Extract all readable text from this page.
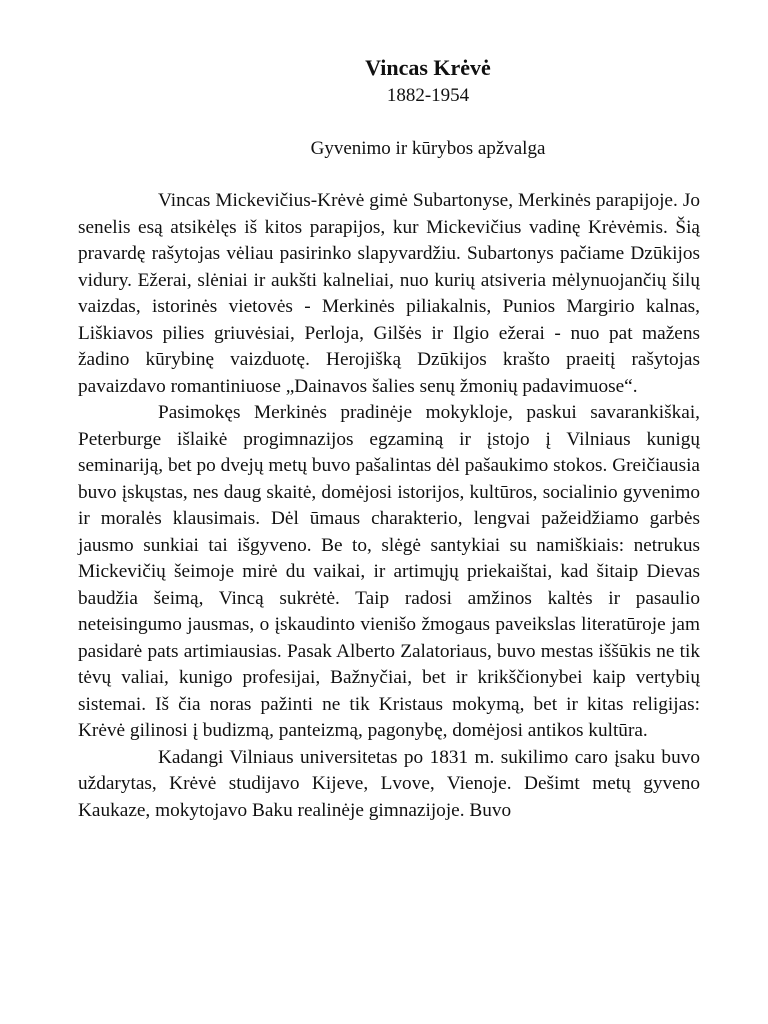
Vincas Krėvė

1882-1954

Gyvenimo ir kūrybos apžvalga

Vincas Mickevičius-Krėvė gimė Subartonyse, Merkinės parapijoje. Jo senelis esą atsikėlęs iš kitos parapijos, kur Mickevičius vadinę Krėvėmis. Šią pravardę rašytojas vėliau pasirinko slapyvardžiu. Subartonys pačiame Dzūkijos vidury. Ežerai, slėniai ir aukšti kalneliai, nuo kurių atsiveria mėlynuojančių šilų vaizdas, istorinės vietovės - Merkinės piliakalnis, Punios Margirio kalnas, Liškiavos pilies griuvėsiai, Perloja, Gilšės ir Ilgio ežerai - nuo pat mažens žadino kūrybinę vaizduotę. Herojišką Dzūkijos krašto praeitį rašytojas pavaizdavo romantiniuose „Dainavos šalies senų žmonių padavimuose“.

Pasimokęs Merkinės pradinėje mokykloje, paskui savarankiškai, Peterburge išlaikė progimnazijos egzaminą ir įstojo į Vilniaus kunigų seminariją, bet po dvejų metų buvo pašalintas dėl pašaukimo stokos. Greičiausia buvo įskųstas, nes daug skaitė, domėjosi istorijos, kultūros, socialinio gyvenimo ir moralės klausimais. Dėl ūmaus charakterio, lengvai pažeidžiamo garbės jausmo sunkiai tai išgyveno. Be to, slėgė santykiai su namiškiais: netrukus Mickevičių šeimoje mirė du vaikai, ir artimųjų priekaištai, kad šitaip Dievas baudžia šeimą, Vincą sukrėtė. Taip radosi amžinos kaltės ir pasaulio neteisingumo jausmas, o įskaudinto vienišo žmogaus paveikslas literatūroje jam pasidarė pats artimiausias. Pasak Alberto Zalatoriaus, buvo mestas iššūkis ne tik tėvų valiai, kunigo profesijai, Bažnyčiai, bet ir krikščionybei kaip vertybių sistemai. Iš čia noras pažinti ne tik Kristaus mokymą, bet ir kitas religijas: Krėvė gilinosi į budizmą, panteizmą, pagonybę, domėjosi antikos kultūra.

Kadangi Vilniaus universitetas po 1831 m. sukilimo caro įsaku buvo uždarytas, Krėvė studijavo Kijeve, Lvove, Vienoje. Dešimt metų gyveno Kaukaze, mokytojavo Baku realinėje gimnazijoje. Buvo
